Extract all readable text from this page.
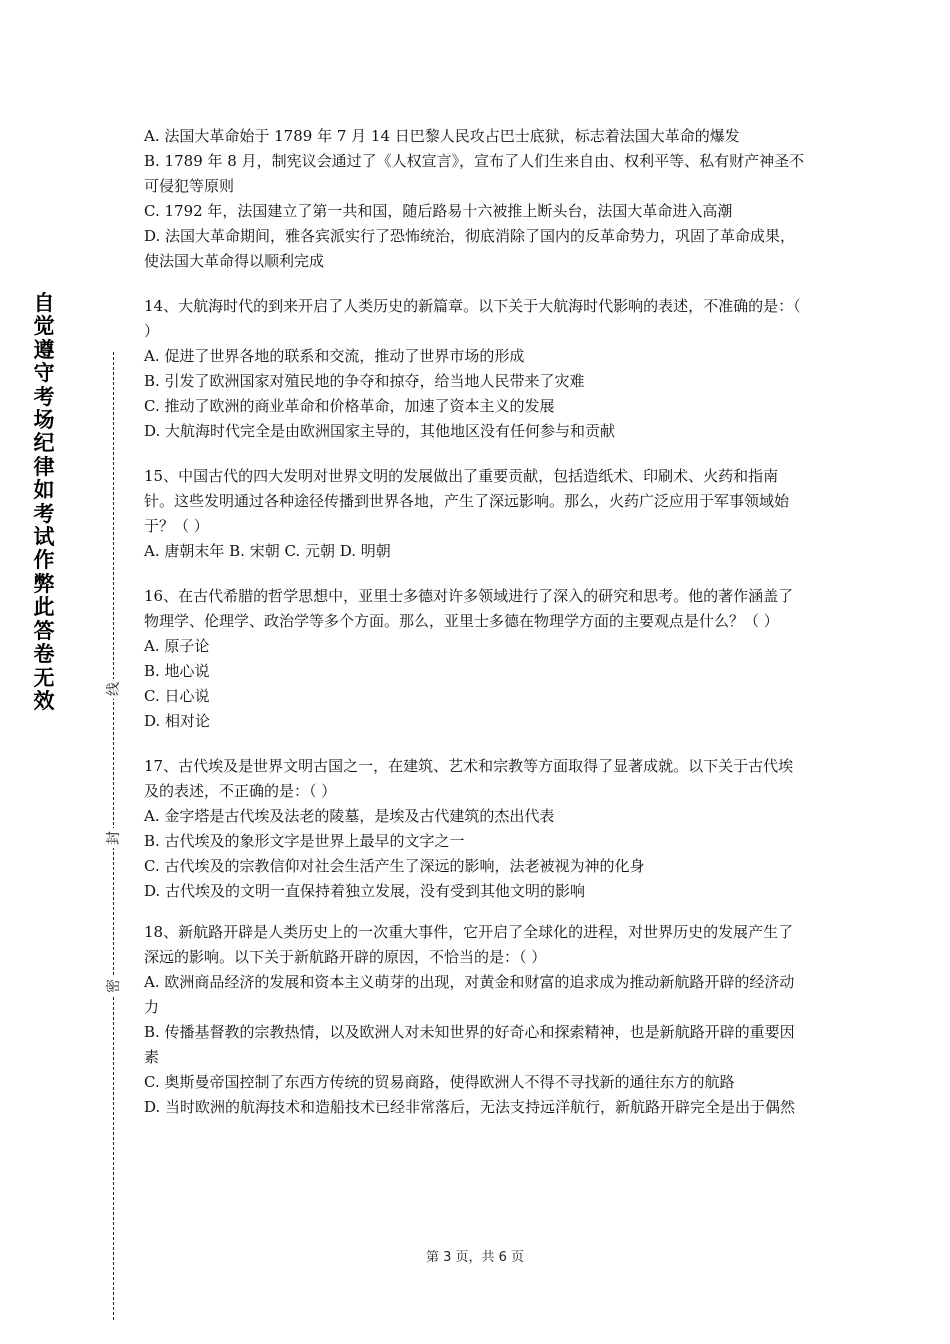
自觉遵守考场纪律如考试作弊此答卷无效	线
封
密

A. 法国大革命始于 1789 年 7 月 14 日巴黎人民攻占巴士底狱，标志着法国大革命的爆发

B. 1789 年 8 月，制宪议会通过了《人权宣言》，宣布了人们生来自由、权利平等、私有财产神圣不可侵犯等原则

C. 1792 年，法国建立了第一共和国，随后路易十六被推上断头台，法国大革命进入高潮

D. 法国大革命期间，雅各宾派实行了恐怖统治，彻底消除了国内的反革命势力，巩固了革命成果，使法国大革命得以顺利完成

14、大航海时代的到来开启了人类历史的新篇章。以下关于大航海时代影响的表述，不准确的是：（ ）

A. 促进了世界各地的联系和交流，推动了世界市场的形成

B. 引发了欧洲国家对殖民地的争夺和掠夺，给当地人民带来了灾难

C. 推动了欧洲的商业革命和价格革命，加速了资本主义的发展

D. 大航海时代完全是由欧洲国家主导的，其他地区没有任何参与和贡献

15、中国古代的四大发明对世界文明的发展做出了重要贡献，包括造纸术、印刷术、火药和指南针。这些发明通过各种途径传播到世界各地，产生了深远影响。那么，火药广泛应用于军事领域始于？（ ）

A. 唐朝末年 B. 宋朝 C. 元朝 D. 明朝

16、在古代希腊的哲学思想中，亚里士多德对许多领域进行了深入的研究和思考。他的著作涵盖了物理学、伦理学、政治学等多个方面。那么，亚里士多德在物理学方面的主要观点是什么？（ ）

A. 原子论

B. 地心说

C. 日心说

D. 相对论

17、古代埃及是世界文明古国之一，在建筑、艺术和宗教等方面取得了显著成就。以下关于古代埃及的表述，不正确的是：（ ）

A. 金字塔是古代埃及法老的陵墓，是埃及古代建筑的杰出代表

B. 古代埃及的象形文字是世界上最早的文字之一

C. 古代埃及的宗教信仰对社会生活产生了深远的影响，法老被视为神的化身

D. 古代埃及的文明一直保持着独立发展，没有受到其他文明的影响

18、新航路开辟是人类历史上的一次重大事件，它开启了全球化的进程，对世界历史的发展产生了深远的影响。以下关于新航路开辟的原因，不恰当的是：（ ）

A. 欧洲商品经济的发展和资本主义萌芽的出现，对黄金和财富的追求成为推动新航路开辟的经济动力

B. 传播基督教的宗教热情，以及欧洲人对未知世界的好奇心和探索精神，也是新航路开辟的重要因素

C. 奥斯曼帝国控制了东西方传统的贸易商路，使得欧洲人不得不寻找新的通往东方的航路

D. 当时欧洲的航海技术和造船技术已经非常落后，无法支持远洋航行，新航路开辟完全是出于偶然

第 3 页，共 6 页
